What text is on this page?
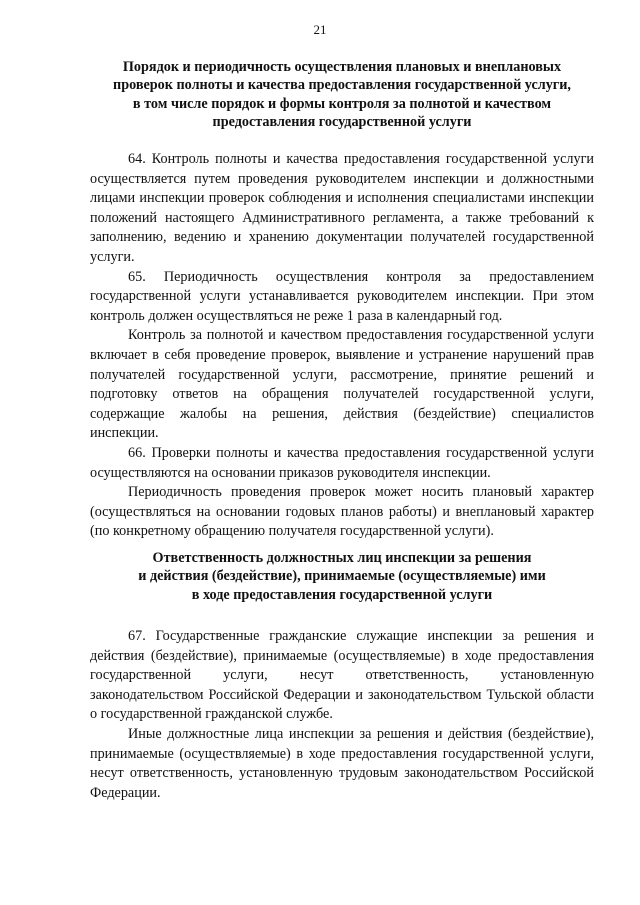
21
Порядок и периодичность осуществления плановых и внеплановых
проверок полноты и качества предоставления государственной услуги,
в том числе порядок и формы контроля за полнотой и качеством
предоставления государственной услуги

64. Контроль полноты и качества предоставления государственной услуги осуществляется путем проведения руководителем инспекции и должностными лицами инспекции проверок соблюдения и исполнения специалистами инспекции положений настоящего Административного регламента, а также требований к заполнению, ведению и хранению документации получателей государственной услуги.

65. Периодичность осуществления контроля за предоставлением государственной услуги устанавливается руководителем инспекции. При этом контроль должен осуществляться не реже 1 раза в календарный год.

Контроль за полнотой и качеством предоставления государственной услуги включает в себя проведение проверок, выявление и устранение нарушений прав получателей государственной услуги, рассмотрение, принятие решений и подготовку ответов на обращения получателей государственной услуги, содержащие жалобы на решения, действия (бездействие) специалистов инспекции.

66. Проверки полноты и качества предоставления государственной услуги осуществляются на основании приказов руководителя инспекции.

Периодичность проведения проверок может носить плановый характер (осуществляться на основании годовых планов работы) и внеплановый характер (по конкретному обращению получателя государственной услуги).

Ответственность должностных лиц инспекции за решения
и действия (бездействие), принимаемые (осуществляемые) ими
в ходе предоставления государственной услуги

67. Государственные гражданские служащие инспекции за решения и действия (бездействие), принимаемые (осуществляемые) в ходе предоставления государственной услуги, несут ответственность, установленную законодательством Российской Федерации и законодательством Тульской области о государственной гражданской службе.

Иные должностные лица инспекции за решения и действия (бездействие), принимаемые (осуществляемые) в ходе предоставления государственной услуги, несут ответственность, установленную трудовым законодательством Российской Федерации.
